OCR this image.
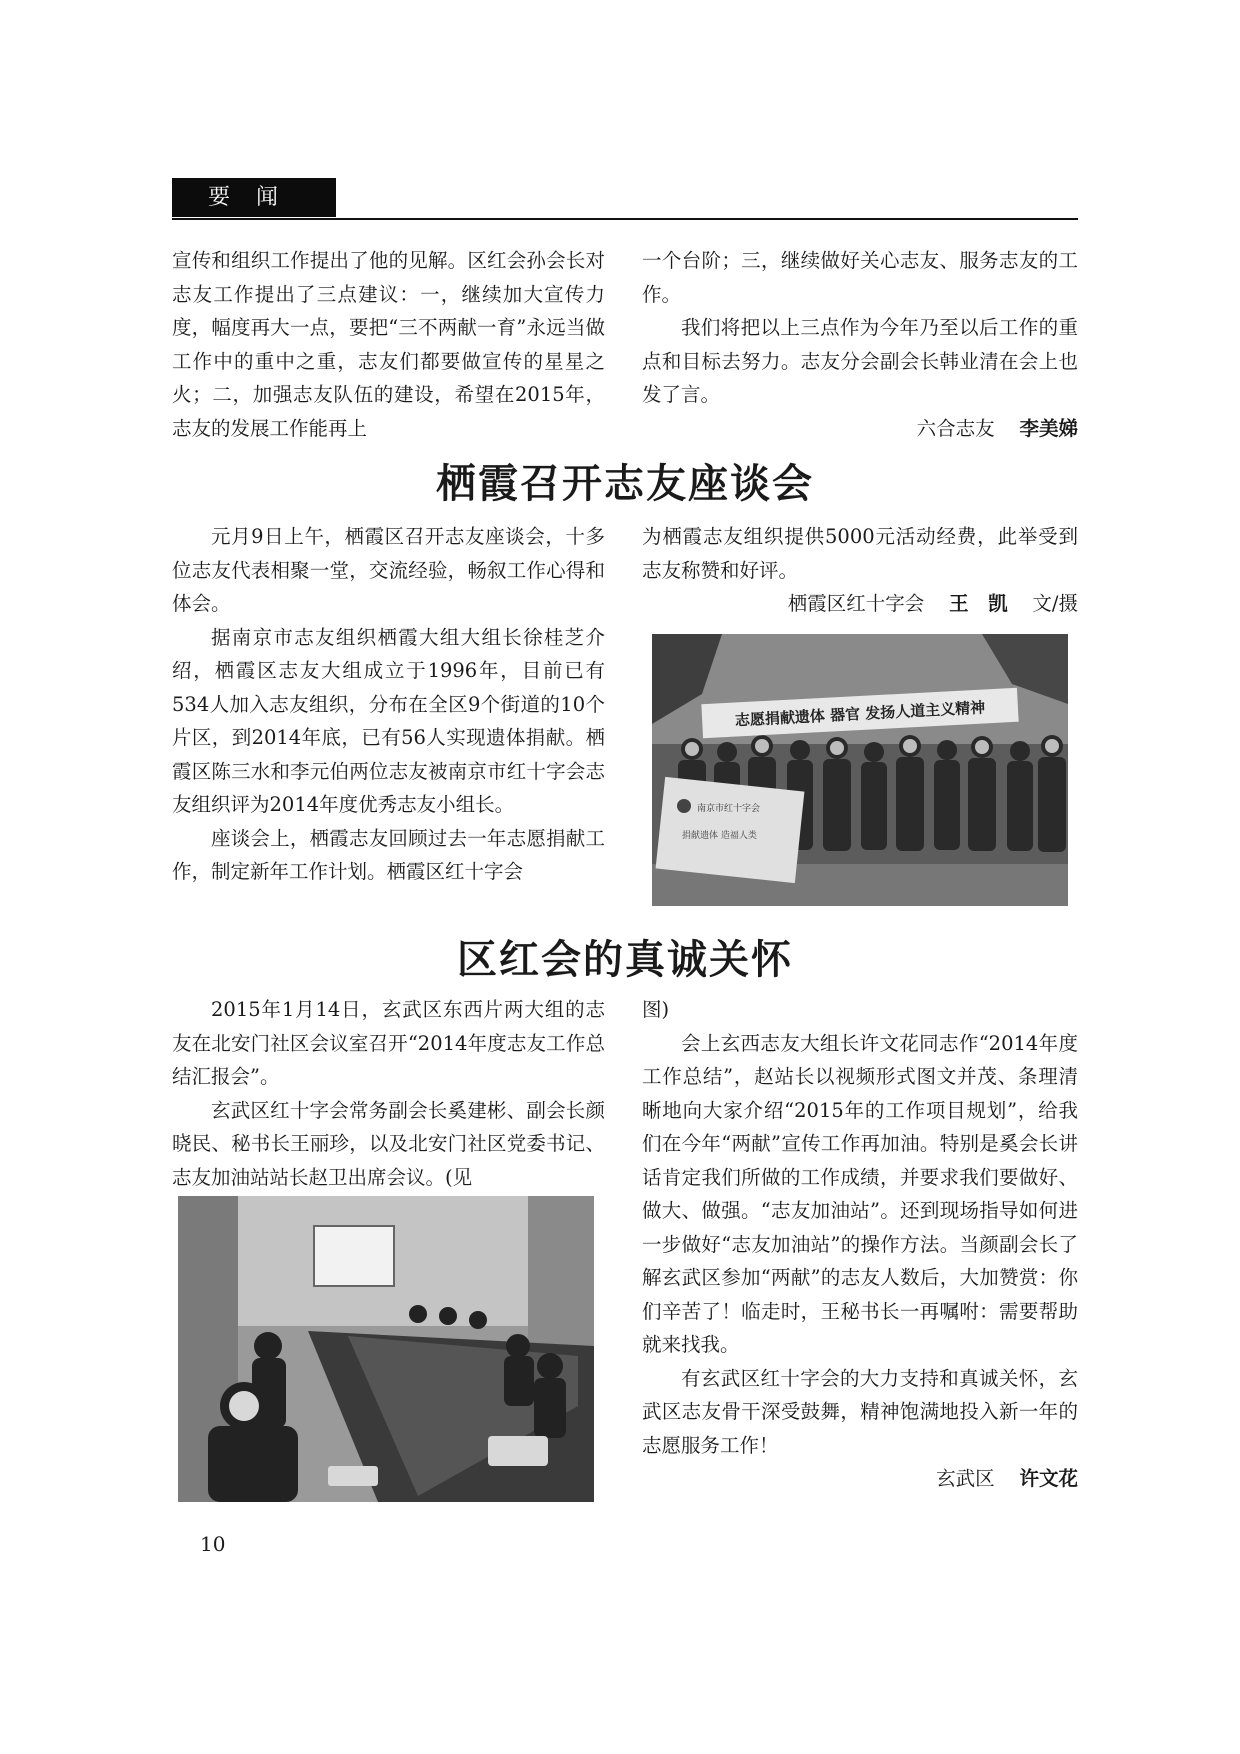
要闻

宣传和组织工作提出了他的见解。区红会孙会长对志友工作提出了三点建议：一，继续加大宣传力度，幅度再大一点，要把“三不两献一育”永远当做工作中的重中之重，志友们都要做宣传的星星之火；二，加强志友队伍的建设，希望在2015年，志友的发展工作能再上

一个台阶；三，继续做好关心志友、服务志友的工作。

我们将把以上三点作为今年乃至以后工作的重点和目标去努力。志友分会副会长韩业清在会上也发了言。

六合志友 李美娣

栖霞召开志友座谈会

元月9日上午，栖霞区召开志友座谈会，十多位志友代表相聚一堂，交流经验，畅叙工作心得和体会。

据南京市志友组织栖霞大组大组长徐桂芝介绍，栖霞区志友大组成立于1996年，目前已有534人加入志友组织，分布在全区9个街道的10个片区，到2014年底，已有56人实现遗体捐献。栖霞区陈三水和李元伯两位志友被南京市红十字会志友组织评为2014年度优秀志友小组长。

座谈会上，栖霞志友回顾过去一年志愿捐献工作，制定新年工作计划。栖霞区红十字会

为栖霞志友组织提供5000元活动经费，此举受到志友称赞和好评。

栖霞区红十字会 王　凯 文/摄

志愿捐献遗体 器官 发扬人道主义精神
南京市红十字会
捐献遗体 造福人类
区红会的真诚关怀

2015年1月14日，玄武区东西片两大组的志友在北安门社区会议室召开“2014年度志友工作总结汇报会”。

玄武区红十字会常务副会长奚建彬、副会长颜晓民、秘书长王丽珍，以及北安门社区党委书记、志友加油站站长赵卫出席会议。(见

图)

会上玄西志友大组长许文花同志作“2014年度工作总结”，赵站长以视频形式图文并茂、条理清晰地向大家介绍“2015年的工作项目规划”，给我们在今年“两献”宣传工作再加油。特别是奚会长讲话肯定我们所做的工作成绩，并要求我们要做好、做大、做强。“志友加油站”。还到现场指导如何进一步做好“志友加油站”的操作方法。当颜副会长了解玄武区参加“两献”的志友人数后，大加赞赏：你们辛苦了！临走时，王秘书长一再嘱咐：需要帮助就来找我。

有玄武区红十字会的大力支持和真诚关怀，玄武区志友骨干深受鼓舞，精神饱满地投入新一年的志愿服务工作！

玄武区 许文花

10
